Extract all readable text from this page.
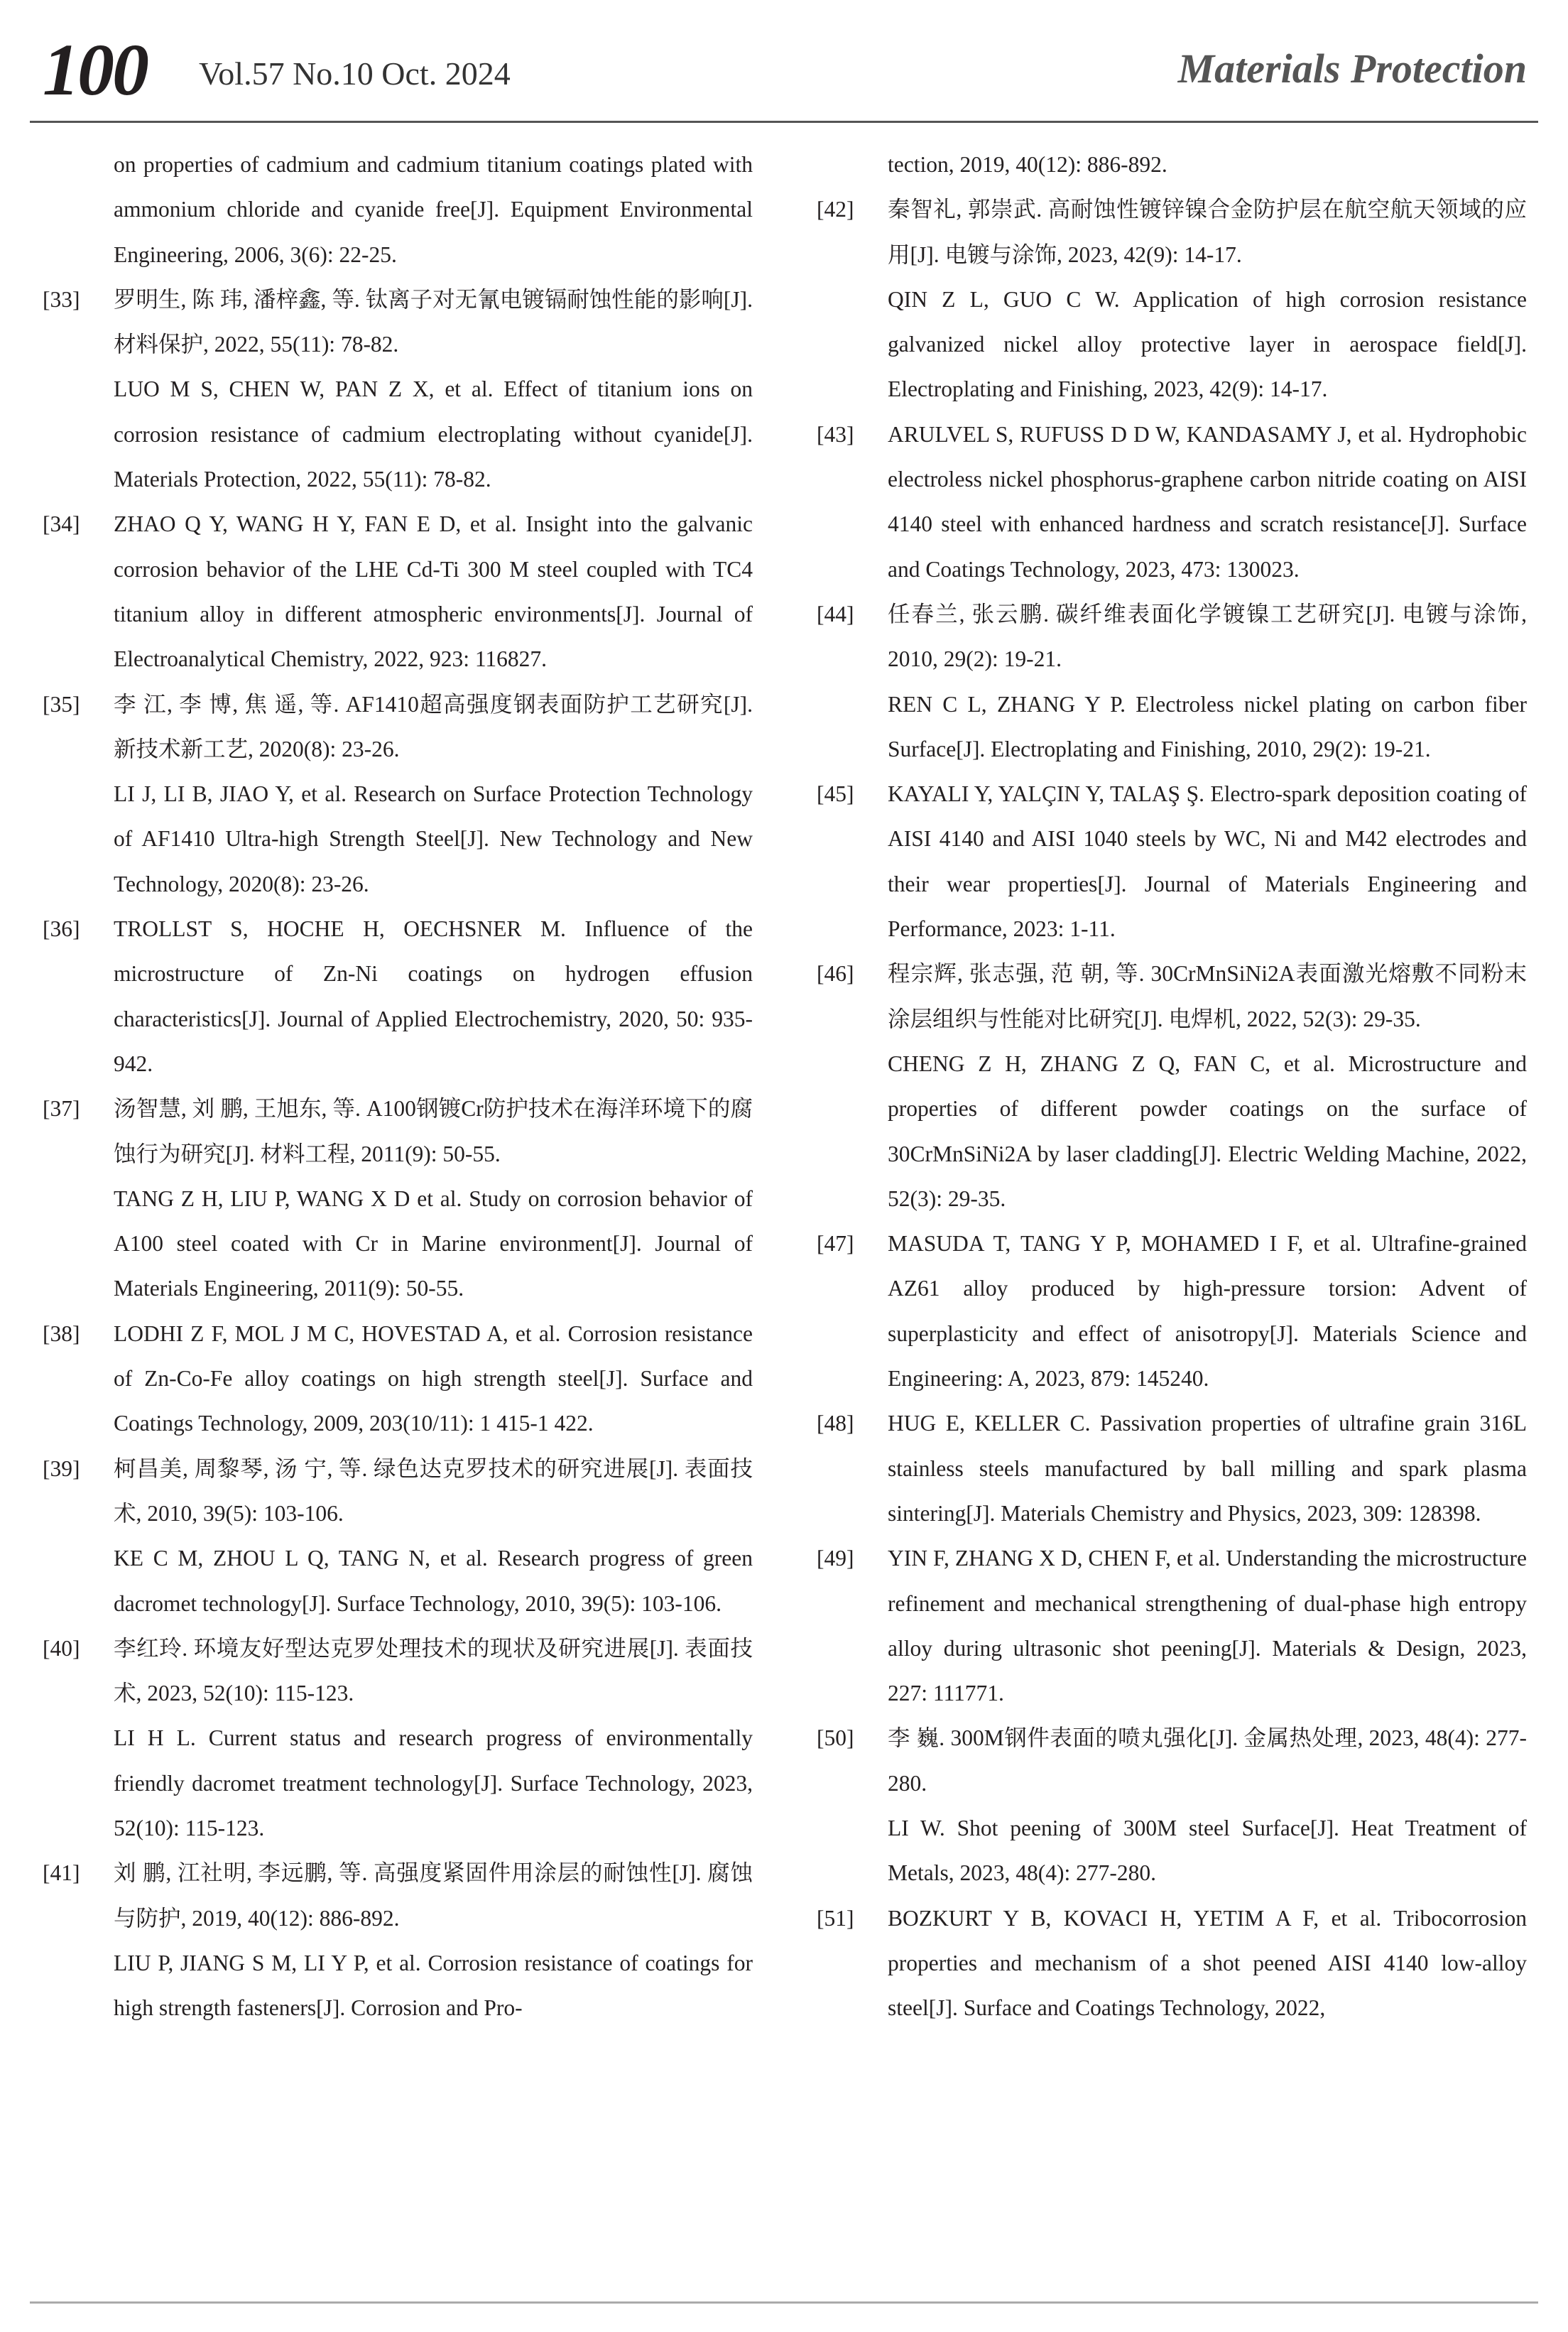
100 Vol.57 No.10 Oct. 2024	Materials Protection
on properties of cadmium and cadmium titanium coatings plated with ammonium chloride and cyanide free[J]. Equipment Environmental Engineering, 2006, 3(6): 22-25.
[33]	罗明生, 陈 玮, 潘梓鑫, 等. 钛离子对无氰电镀镉耐蚀性能的影响[J]. 材料保护, 2022, 55(11): 78-82.
LUO M S, CHEN W, PAN Z X, et al. Effect of titanium ions on corrosion resistance of cadmium electroplating without cyanide[J]. Materials Protection, 2022, 55(11): 78-82.
[34]	ZHAO Q Y, WANG H Y, FAN E D, et al. Insight into the galvanic corrosion behavior of the LHE Cd-Ti 300 M steel coupled with TC4 titanium alloy in different atmospheric environments[J]. Journal of Electroanalytical Chemistry, 2022, 923: 116827.
[35]	李 江, 李 博, 焦 遥, 等. AF1410超高强度钢表面防护工艺研究[J]. 新技术新工艺, 2020(8): 23-26.
LI J, LI B, JIAO Y, et al. Research on Surface Protection Technology of AF1410 Ultra-high Strength Steel[J]. New Technology and New Technology, 2020(8): 23-26.
[36]	TROLLST S, HOCHE H, OECHSNER M. Influence of the microstructure of Zn-Ni coatings on hydrogen effusion characteristics[J]. Journal of Applied Electrochemistry, 2020, 50: 935-942.
[37]	汤智慧, 刘 鹏, 王旭东, 等. A100钢镀Cr防护技术在海洋环境下的腐蚀行为研究[J]. 材料工程, 2011(9): 50-55.
TANG Z H, LIU P, WANG X D et al. Study on corrosion behavior of A100 steel coated with Cr in Marine environment[J]. Journal of Materials Engineering, 2011(9): 50-55.
[38]	LODHI Z F, MOL J M C, HOVESTAD A, et al. Corrosion resistance of Zn-Co-Fe alloy coatings on high strength steel[J]. Surface and Coatings Technology, 2009, 203(10/11): 1 415-1 422.
[39]	柯昌美, 周黎琴, 汤 宁, 等. 绿色达克罗技术的研究进展[J]. 表面技术, 2010, 39(5): 103-106.
KE C M, ZHOU L Q, TANG N, et al. Research progress of green dacromet technology[J]. Surface Technology, 2010, 39(5): 103-106.
[40]	李红玲. 环境友好型达克罗处理技术的现状及研究进展[J]. 表面技术, 2023, 52(10): 115-123.
LI H L. Current status and research progress of environmentally friendly dacromet treatment technology[J]. Surface Technology, 2023, 52(10): 115-123.
[41]	刘 鹏, 江社明, 李远鹏, 等. 高强度紧固件用涂层的耐蚀性[J]. 腐蚀与防护, 2019, 40(12): 886-892.
LIU P, JIANG S M, LI Y P, et al. Corrosion resistance of coatings for high strength fasteners[J]. Corrosion and Pro-
tection, 2019, 40(12): 886-892.
[42]	秦智礼, 郭崇武. 高耐蚀性镀锌镍合金防护层在航空航天领域的应用[J]. 电镀与涂饰, 2023, 42(9): 14-17.
QIN Z L, GUO C W. Application of high corrosion resistance galvanized nickel alloy protective layer in aerospace field[J]. Electroplating and Finishing, 2023, 42(9): 14-17.
[43]	ARULVEL S, RUFUSS D D W, KANDASAMY J, et al. Hydrophobic electroless nickel phosphorus-graphene carbon nitride coating on AISI 4140 steel with enhanced hardness and scratch resistance[J]. Surface and Coatings Technology, 2023, 473: 130023.
[44]	任春兰, 张云鹏. 碳纤维表面化学镀镍工艺研究[J]. 电镀与涂饰, 2010, 29(2): 19-21.
REN C L, ZHANG Y P. Electroless nickel plating on carbon fiber Surface[J]. Electroplating and Finishing, 2010, 29(2): 19-21.
[45]	KAYALI Y, YALÇIN Y, TALAŞ Ş. Electro-spark deposition coating of AISI 4140 and AISI 1040 steels by WC, Ni and M42 electrodes and their wear properties[J]. Journal of Materials Engineering and Performance, 2023: 1-11.
[46]	程宗辉, 张志强, 范 朝, 等. 30CrMnSiNi2A表面激光熔敷不同粉末涂层组织与性能对比研究[J]. 电焊机, 2022, 52(3): 29-35.
CHENG Z H, ZHANG Z Q, FAN C, et al. Microstructure and properties of different powder coatings on the surface of 30CrMnSiNi2A by laser cladding[J]. Electric Welding Machine, 2022, 52(3): 29-35.
[47]	MASUDA T, TANG Y P, MOHAMED I F, et al. Ultrafine-grained AZ61 alloy produced by high-pressure torsion: Advent of superplasticity and effect of anisotropy[J]. Materials Science and Engineering: A, 2023, 879: 145240.
[48]	HUG E, KELLER C. Passivation properties of ultrafine grain 316L stainless steels manufactured by ball milling and spark plasma sintering[J]. Materials Chemistry and Physics, 2023, 309: 128398.
[49]	YIN F, ZHANG X D, CHEN F, et al. Understanding the microstructure refinement and mechanical strengthening of dual-phase high entropy alloy during ultrasonic shot peening[J]. Materials & Design, 2023, 227: 111771.
[50]	李 巍. 300M钢件表面的喷丸强化[J]. 金属热处理, 2023, 48(4): 277-280.
LI W. Shot peening of 300M steel Surface[J]. Heat Treatment of Metals, 2023, 48(4): 277-280.
[51]	BOZKURT Y B, KOVACI H, YETIM A F, et al. Tribocorrosion properties and mechanism of a shot peened AISI 4140 low-alloy steel[J]. Surface and Coatings Technology, 2022,
